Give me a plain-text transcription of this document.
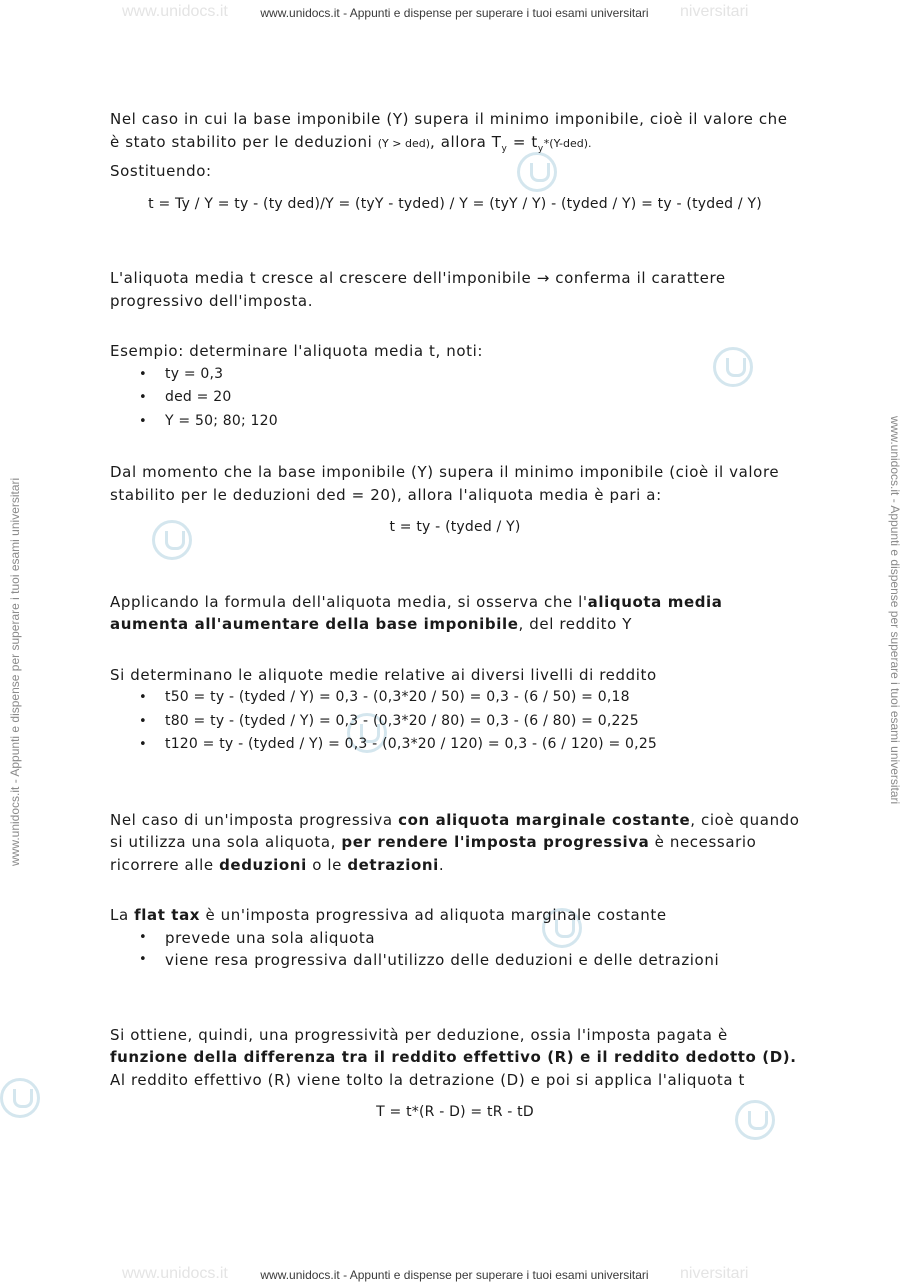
www.unidocs.it	niversitari
www.unidocs.it	niversitari
www.unidocs.it - Appunti e dispense per superare i tuoi esami universitari
www.unidocs.it - Appunti e dispense per superare i tuoi esami universitari
www.unidocs.it - Appunti e dispense per superare i tuoi esami universitari	www.unidocs.it - Appunti e dispense per superare i tuoi esami universitari

Nel caso in cui la base imponibile (Y) supera il minimo imponibile, cioè il valore che è stato stabilito per le deduzioni (Y > ded), allora $T_y = t_y*(Y-ded)$.

Sostituendo:

t = Ty / Y = ty - (ty ded)/Y = (tyY - tyded) / Y = (tyY / Y) - (tyded / Y) = ty - (tyded / Y)

L'aliquota media t cresce al crescere dell'imponibile → conferma il carattere progressivo dell'imposta.

Esempio: determinare l'aliquota media t, noti:

• ty = 0,3
• ded = 20
• Y = 50; 80; 120

Dal momento che la base imponibile (Y) supera il minimo imponibile (cioè il valore stabilito per le deduzioni ded = 20), allora l'aliquota media è pari a:

t = ty - (tyded / Y)

Applicando la formula dell'aliquota media, si osserva che l'aliquota media aumenta all'aumentare della base imponibile, del reddito Y

Si determinano le aliquote medie relative ai diversi livelli di reddito

• t50 = ty - (tyded / Y) = 0,3 - (0,3*20 / 50) = 0,3 - (6 / 50) = 0,18
• t80 = ty - (tyded / Y) = 0,3 - (0,3*20 / 80) = 0,3 - (6 / 80) = 0,225
• t120 = ty - (tyded / Y) = 0,3 - (0,3*20 / 120) = 0,3 - (6 / 120) = 0,25

Nel caso di un'imposta progressiva con aliquota marginale costante, cioè quando si utilizza una sola aliquota, per rendere l'imposta progressiva è necessario ricorrere alle deduzioni o le detrazioni.

La flat tax è un'imposta progressiva ad aliquota marginale costante

• prevede una sola aliquota
• viene resa progressiva dall'utilizzo delle deduzioni e delle detrazioni

Si ottiene, quindi, una progressività per deduzione, ossia l'imposta pagata è funzione della differenza tra il reddito effettivo (R) e il reddito dedotto (D).

Al reddito effettivo (R) viene tolto la detrazione (D) e poi si applica l'aliquota t

T = t*(R - D) = tR - tD
